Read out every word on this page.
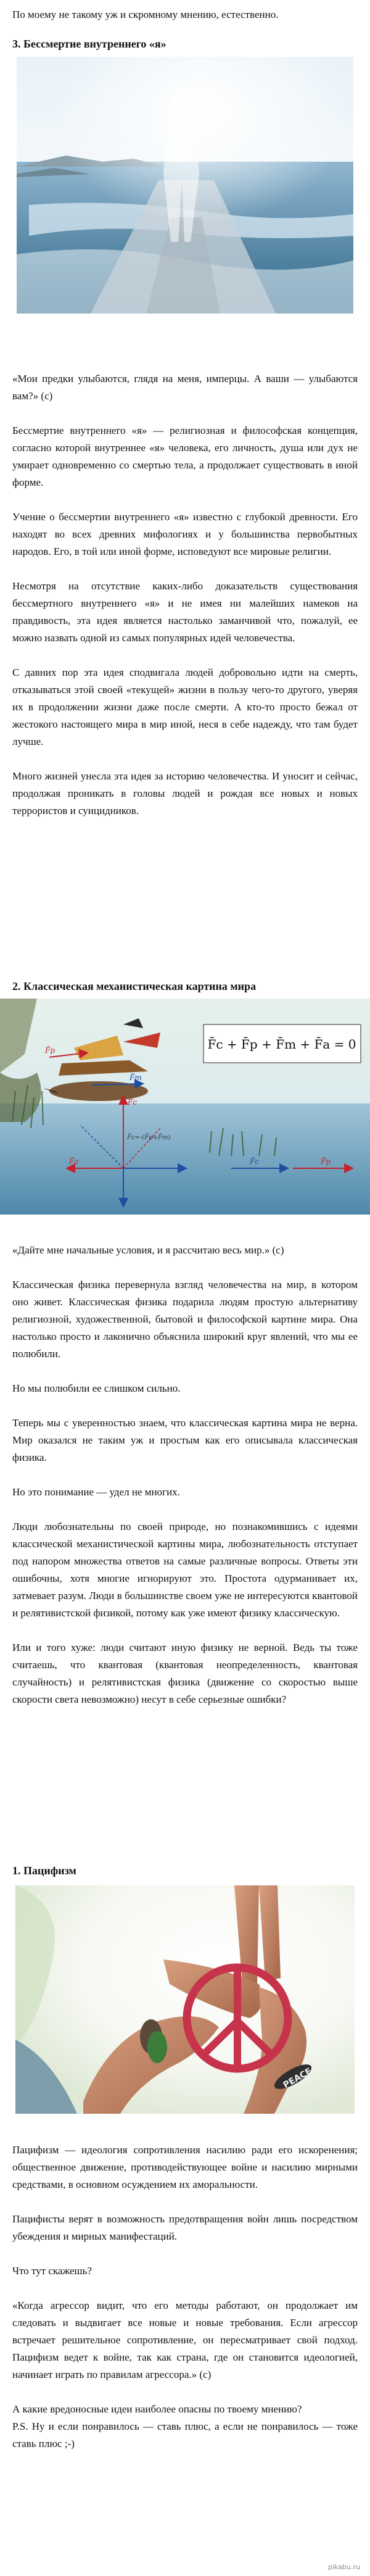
По моему не такому уж и скромному мнению, естественно.

3. Бессмертие внутреннего «я»

«Мои предки улыбаются, глядя на меня, имперцы. А ваши — улыбаются вам?» (с)

Бессмертие внутреннего «я» — религиозная и философская концепция, согласно которой внутреннее «я» человека, его личность, душа или дух не умирает одновременно со смертью тела, а продолжает существовать в иной форме.

Учение о бессмертии внутреннего «я» известно с глубокой древности. Его находят во всех древних мифологиях и у большинства первобытных народов. Его, в той или иной форме, исповедуют все мировые религии.

Несмотря на отсутствие каких-либо доказательств существования бессмертного внутреннего «я» и не имея ни малейших намеков на правдивость, эта идея является настолько заманчивой что, пожалуй, ее можно назвать одной из самых популярных идей человечества.

С давних пор эта идея сподвигала людей добровольно идти на смерть, отказываться этой своей «текущей» жизни в пользу чего-то другого, уверяя их в продолжении жизни даже после смерти. А кто-то просто бежал от жестокого настоящего мира в мир иной, неся в себе надежду, что там будет лучше.

Много жизней унесла эта идея за историю человечества. И уносит и сейчас, продолжая проникать в головы людей и рождая все новых и новых террористов и суицидников.

2. Классическая механистическая картина мира
F̄c + F̄p + F̄m + F̄a = 0
F̄p
F̄m
F̄c
F̄a
F̄c=-(F̄p+F̄m)
F̄c	F̄p

«Дайте мне начальные условия, и я рассчитаю весь мир.» (с)

Классическая физика перевернула взгляд человечества на мир, в котором оно живет. Классическая физика подарила людям простую альтернативу религиозной, художественной, бытовой и философской картине мира. Она настолько просто и лаконично объяснила широкий круг явлений, что мы ее полюбили.

Но мы полюбили ее слишком сильно.

Теперь мы с уверенностью знаем, что классическая картина мира не верна. Мир оказался не таким уж и простым как его описывала классическая физика.

Но это понимание — удел не многих.

Люди любознательны по своей природе, но познакомившись с идеями классической механистической картины мира, любознательность отступает под напором множества ответов на самые различные вопросы. Ответы эти ошибочны, хотя многие игнорируют это. Простота одурманивает их, затмевает разум. Люди в большинстве своем уже не интересуются квантовой и релятивистской физикой, потому как уже имеют физику классическую.

Или и того хуже: люди считают иную физику не верной. Ведь ты тоже считаешь, что квантовая (квантовая неопределенность, квантовая случайность) и релятивистская физика (движение со скоростью выше скорости света невозможно) несут в себе серьезные ошибки?

1. Пацифизм
PEACE

Пацифизм — идеология сопротивления насилию ради его искоренения; общественное движение, противодействующее войне и насилию мирными средствами, в основном осуждением их аморальности.

Пацифисты верят в возможность предотвращения войн лишь посредством убеждения и мирных манифестаций.

Что тут скажешь?

«Когда агрессор видит, что его методы работают, он продолжает им следовать и выдвигает все новые и новые требования. Если агрессор встречает решительное сопротивление, он пересматривает свой подход. Пацифизм ведет к войне, так как страна, где он становится идеологией, начинает играть по правилам агрессора.» (с)

А какие вредоносные идеи наиболее опасны по твоему мнению?

P.S. Ну и если понравилось — ставь плюс, а если не понравилось — тоже ставь плюс ;-)

pikabu.ru
